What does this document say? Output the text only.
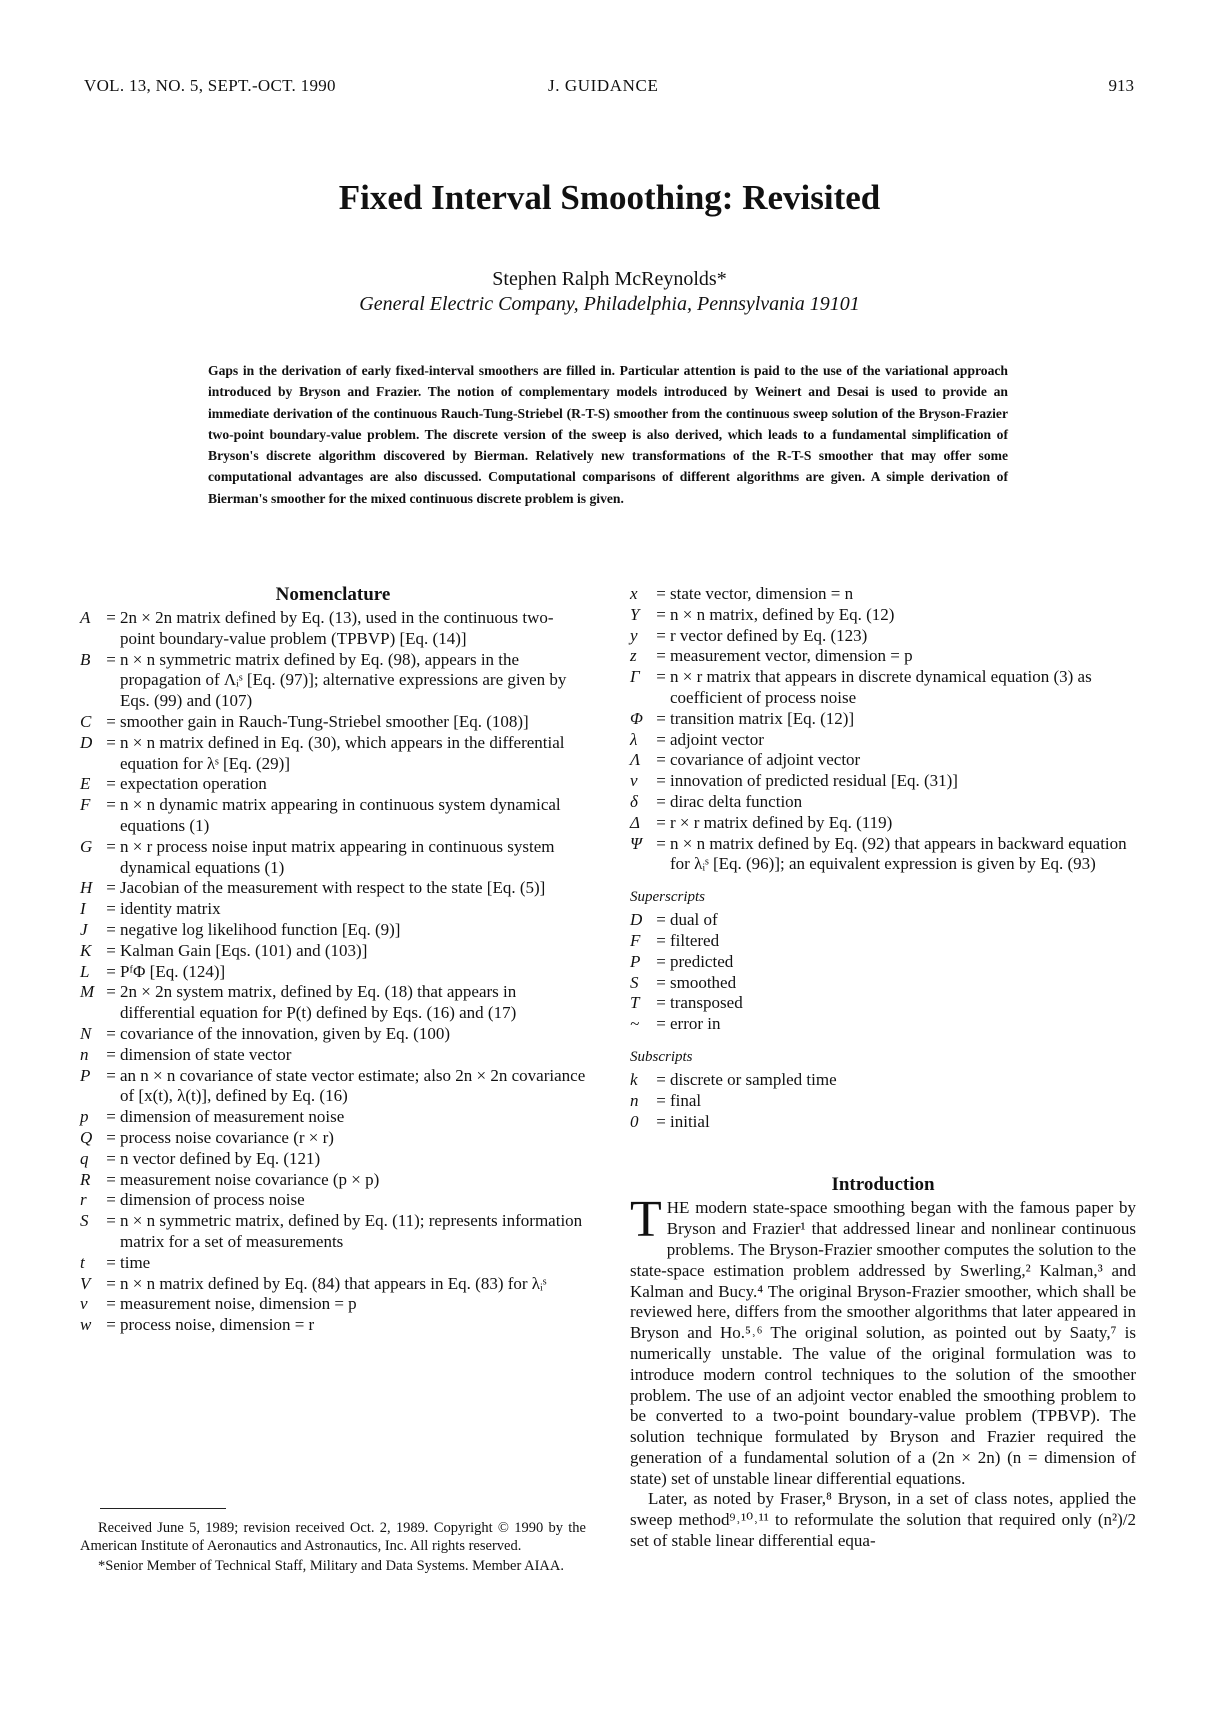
VOL. 13, NO. 5, SEPT.-OCT. 1990	J. GUIDANCE	913
Fixed Interval Smoothing: Revisited
Stephen Ralph McReynolds*
General Electric Company, Philadelphia, Pennsylvania 19101
Gaps in the derivation of early fixed-interval smoothers are filled in. Particular attention is paid to the use of the variational approach introduced by Bryson and Frazier. The notion of complementary models introduced by Weinert and Desai is used to provide an immediate derivation of the continuous Rauch-Tung-Striebel (R-T-S) smoother from the continuous sweep solution of the Bryson-Frazier two-point boundary-value problem. The discrete version of the sweep is also derived, which leads to a fundamental simplification of Bryson's discrete algorithm discovered by Bierman. Relatively new transformations of the R-T-S smoother that may offer some computational advantages are also discussed. Computational comparisons of different algorithms are given. A simple derivation of Bierman's smoother for the mixed continuous discrete problem is given.
Nomenclature
A = 2n × 2n matrix defined by Eq. (13), used in the continuous two-point boundary-value problem (TPBVP) [Eq. (14)]
B = n × n symmetric matrix defined by Eq. (98), appears in the propagation of Λᵢˢ [Eq. (97)]; alternative expressions are given by Eqs. (99) and (107)
C = smoother gain in Rauch-Tung-Striebel smoother [Eq. (108)]
D = n × n matrix defined in Eq. (30), which appears in the differential equation for λˢ [Eq. (29)]
E = expectation operation
F = n × n dynamic matrix appearing in continuous system dynamical equations (1)
G = n × r process noise input matrix appearing in continuous system dynamical equations (1)
H = Jacobian of the measurement with respect to the state [Eq. (5)]
I	= identity matrix
J	= negative log likelihood function [Eq. (9)]
K = Kalman Gain [Eqs. (101) and (103)]
L = PᶠΦ [Eq. (124)]
M = 2n × 2n system matrix, defined by Eq. (18) that appears in differential equation for P(t) defined by Eqs. (16) and (17)
N = covariance of the innovation, given by Eq. (100)
n	= dimension of state vector
P = an n × n covariance of state vector estimate; also 2n × 2n covariance of [x(t), λ(t)], defined by Eq. (16)
p	= dimension of measurement noise
Q = process noise covariance (r × r)
q	= n vector defined by Eq. (121)
R = measurement noise covariance (p × p)
r	= dimension of process noise
S	= n × n symmetric matrix, defined by Eq. (11); represents information matrix for a set of measurements
t	= time
V = n × n matrix defined by Eq. (84) that appears in Eq. (83) for λᵢˢ
v	= measurement noise, dimension = p
w = process noise, dimension = r
x	= state vector, dimension = n
Y = n × n matrix, defined by Eq. (12)
y	= r vector defined by Eq. (123)
z	= measurement vector, dimension = p
Γ = n × r matrix that appears in discrete dynamical equation (3) as coefficient of process noise
Φ = transition matrix [Eq. (12)]
λ	= adjoint vector
Λ = covariance of adjoint vector
ν	= innovation of predicted residual [Eq. (31)]
δ	= dirac delta function
Δ = r × r matrix defined by Eq. (119)
Ψ = n × n matrix defined by Eq. (92) that appears in backward equation for λᵢˢ [Eq. (96)]; an equivalent expression is given by Eq. (93)
Superscripts
D = dual of
F = filtered
P = predicted
S	= smoothed
T = transposed
~	= error in
Subscripts
k	= discrete or sampled time
n	= final
0	= initial
Introduction

THE modern state-space smoothing began with the famous paper by Bryson and Frazier¹ that addressed linear and nonlinear continuous problems. The Bryson-Frazier smoother computes the solution to the state-space estimation problem addressed by Swerling,² Kalman,³ and Kalman and Bucy.⁴ The original Bryson-Frazier smoother, which shall be reviewed here, differs from the smoother algorithms that later appeared in Bryson and Ho.⁵˒⁶ The original solution, as pointed out by Saaty,⁷ is numerically unstable. The value of the original formulation was to introduce modern control techniques to the solution of the smoother problem. The use of an adjoint vector enabled the smoothing problem to be converted to a two-point boundary-value problem (TPBVP). The solution technique formulated by Bryson and Frazier required the generation of a fundamental solution of a (2n × 2n) (n = dimension of state) set of unstable linear differential equations.

Later, as noted by Fraser,⁸ Bryson, in a set of class notes, applied the sweep method⁹˒¹⁰˒¹¹ to reformulate the solution that required only (n²)/2 set of stable linear differential equa-

Received June 5, 1989; revision received Oct. 2, 1989. Copyright © 1990 by the American Institute of Aeronautics and Astronautics, Inc. All rights reserved.

*Senior Member of Technical Staff, Military and Data Systems. Member AIAA.
